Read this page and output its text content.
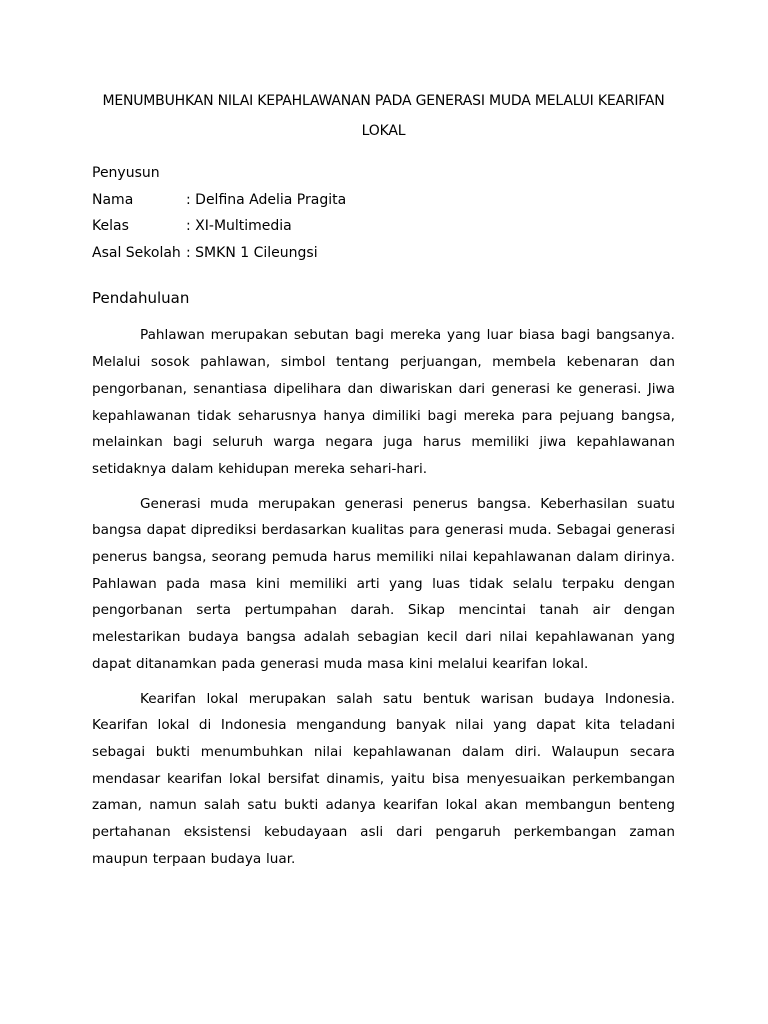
MENUMBUHKAN NILAI KEPAHLAWANAN PADA GENERASI MUDA MELALUI KEARIFAN LOKAL
Penyusun
Nama	: Delfina Adelia Pragita
Kelas	: XI-Multimedia
Asal Sekolah : SMKN 1 Cileungsi
Pendahuluan

Pahlawan merupakan sebutan bagi mereka yang luar biasa bagi bangsanya. Melalui sosok pahlawan, simbol tentang perjuangan, membela kebenaran dan pengorbanan, senantiasa dipelihara dan diwariskan dari generasi ke generasi. Jiwa kepahlawanan tidak seharusnya hanya dimiliki bagi mereka para pejuang bangsa, melainkan bagi seluruh warga negara juga harus memiliki jiwa kepahlawanan setidaknya dalam kehidupan mereka sehari-hari.

Generasi muda merupakan generasi penerus bangsa. Keberhasilan suatu bangsa dapat diprediksi berdasarkan kualitas para generasi muda. Sebagai generasi penerus bangsa, seorang pemuda harus memiliki nilai kepahlawanan dalam dirinya. Pahlawan pada masa kini memiliki arti yang luas tidak selalu terpaku dengan pengorbanan serta pertumpahan darah. Sikap mencintai tanah air dengan melestarikan budaya bangsa adalah sebagian kecil dari nilai kepahlawanan yang dapat ditanamkan pada generasi muda masa kini melalui kearifan lokal.

Kearifan lokal merupakan salah satu bentuk warisan budaya Indonesia. Kearifan lokal di Indonesia mengandung banyak nilai yang dapat kita teladani sebagai bukti menumbuhkan nilai kepahlawanan dalam diri. Walaupun secara mendasar kearifan lokal bersifat dinamis, yaitu bisa menyesuaikan perkembangan zaman, namun salah satu bukti adanya kearifan lokal akan membangun benteng pertahanan eksistensi kebudayaan asli dari pengaruh perkembangan zaman maupun terpaan budaya luar.
